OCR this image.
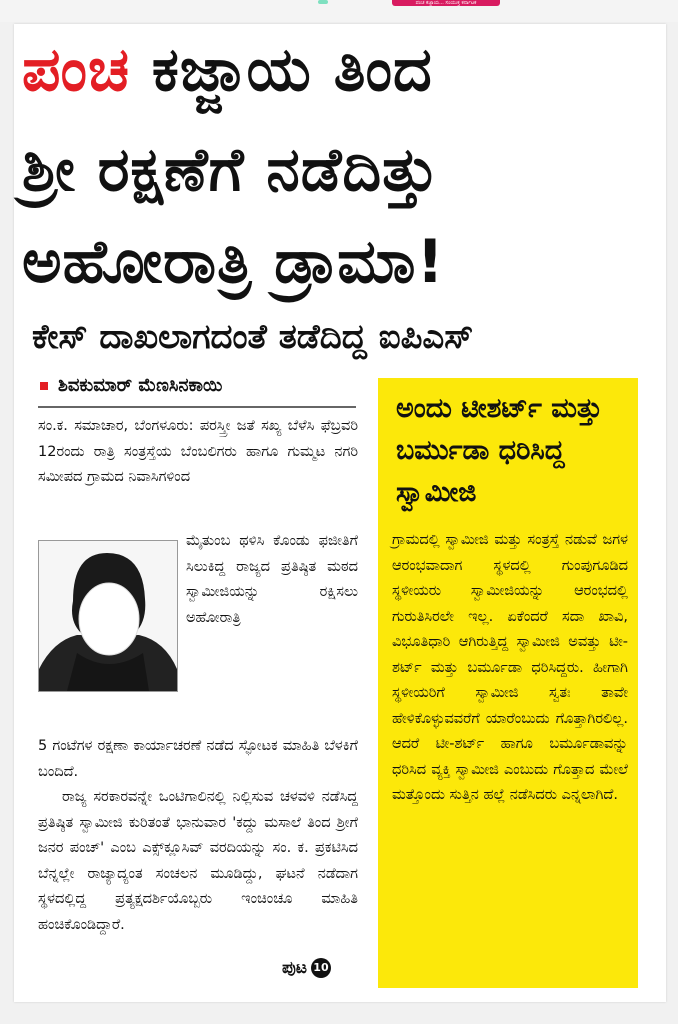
ಪಂಚ ಕಜ್ಜಾಯ... ಸಂಯುಕ್ತ ಕರ್ನಾಟಕ
ಪಂಚ ಕಜ್ಜಾಯ ತಿಂದ
ಶ್ರೀ ರಕ್ಷಣೆಗೆ ನಡೆದಿತ್ತು
ಅಹೋರಾತ್ರಿ ಡ್ರಾಮಾ!
ಕೇಸ್ ದಾಖಲಾಗದಂತೆ ತಡೆದಿದ್ದ ಐಪಿಎಸ್
ಶಿವಕುಮಾರ್ ಮೆಣಸಿನಕಾಯಿ

ಸಂ.ಕ. ಸಮಾಚಾರ, ಬೆಂಗಳೂರು: ಪರಸ್ತ್ರೀ ಜತೆ ಸಖ್ಯ ಬೆಳೆಸಿ ಫೆಬ್ರವರಿ 12ರಂದು ರಾತ್ರಿ ಸಂತ್ರಸ್ತೆಯ ಬೆಂಬಲಿಗರು ಹಾಗೂ ಗುಮ್ಮಟ ನಗರಿ ಸಮೀಪದ ಗ್ರಾಮದ ನಿವಾಸಿಗಳಿಂದ

ಮೈತುಂಬ ಥಳಿಸಿ ಕೊಂಡು ಫಜೀತಿಗೆ ಸಿಲುಕಿದ್ದ ರಾಜ್ಯದ ಪ್ರತಿಷ್ಠಿತ ಮಠದ ಸ್ವಾಮೀಜಿಯನ್ನು ರಕ್ಷಿಸಲು ಅಹೋರಾತ್ರಿ

5 ಗಂಟೆಗಳ ರಕ್ಷಣಾ ಕಾರ್ಯಾಚರಣೆ ನಡೆದ ಸ್ಫೋಟಕ ಮಾಹಿತಿ ಬೆಳಕಿಗೆ ಬಂದಿದೆ.

ರಾಜ್ಯ ಸರಕಾರವನ್ನೇ ಒಂಟಿಗಾಲಿನಲ್ಲಿ ನಿಲ್ಲಿಸುವ ಚಳವಳಿ ನಡೆಸಿದ್ದ ಪ್ರತಿಷ್ಠಿತ ಸ್ವಾಮೀಜಿ ಕುರಿತಂತೆ ಭಾನುವಾರ 'ಕದ್ದು ಮಸಾಲೆ ತಿಂದ ಶ್ರೀಗೆ ಜನರ ಪಂಚ್' ಎಂಬ ಎಕ್ಸ್‌ಕ್ಲೂಸಿವ್ ವರದಿಯನ್ನು ಸಂ. ಕ. ಪ್ರಕಟಿಸಿದ ಬೆನ್ನಲ್ಲೇ ರಾಜ್ಯಾದ್ಯಂತ ಸಂಚಲನ ಮೂಡಿದ್ದು, ಘಟನೆ ನಡೆದಾಗ ಸ್ಥಳದಲ್ಲಿದ್ದ ಪ್ರತ್ಯಕ್ಷದರ್ಶಿಯೊಬ್ಬರು ಇಂಚಿಂಚೂ ಮಾಹಿತಿ ಹಂಚಿಕೊಂಡಿದ್ದಾರೆ.

ಪುಟ 10
ಅಂದು ಟೀಶರ್ಟ್ ಮತ್ತು ಬರ್ಮುಡಾ ಧರಿಸಿದ್ದ ಸ್ವಾಮೀಜಿ
ಗ್ರಾಮದಲ್ಲಿ ಸ್ವಾಮೀಜಿ ಮತ್ತು ಸಂತ್ರಸ್ತೆ ನಡುವೆ ಜಗಳ ಆರಂಭವಾದಾಗ ಸ್ಥಳದಲ್ಲಿ ಗುಂಪುಗೂಡಿದ ಸ್ಥಳೀಯರು ಸ್ವಾಮೀಜಿಯನ್ನು ಆರಂಭದಲ್ಲಿ ಗುರುತಿಸಿರಲೇ ಇಲ್ಲ. ಏಕೆಂದರೆ ಸದಾ ಖಾವಿ, ವಿಭೂತಿಧಾರಿ ಆಗಿರುತ್ತಿದ್ದ ಸ್ವಾಮೀಜಿ ಅವತ್ತು ಟೀ-ಶರ್ಟ್ ಮತ್ತು ಬರ್ಮೂಡಾ ಧರಿಸಿದ್ದರು. ಹೀಗಾಗಿ ಸ್ಥಳೀಯರಿಗೆ ಸ್ವಾಮೀಜಿ ಸ್ವತಃ ತಾವೇ ಹೇಳಿಕೊಳ್ಳುವವರೆಗೆ ಯಾರೆಂಬುದು ಗೊತ್ತಾಗಿರಲಿಲ್ಲ. ಆದರೆ ಟೀ-ಶರ್ಟ್ ಹಾಗೂ ಬರ್ಮೂಡಾವನ್ನು ಧರಿಸಿದ ವ್ಯಕ್ತಿ ಸ್ವಾಮೀಜಿ ಎಂಬುದು ಗೊತ್ತಾದ ಮೇಲೆ ಮತ್ತೊಂದು ಸುತ್ತಿನ ಹಲ್ಲೆ ನಡೆಸಿದರು ಎನ್ನಲಾಗಿದೆ.
